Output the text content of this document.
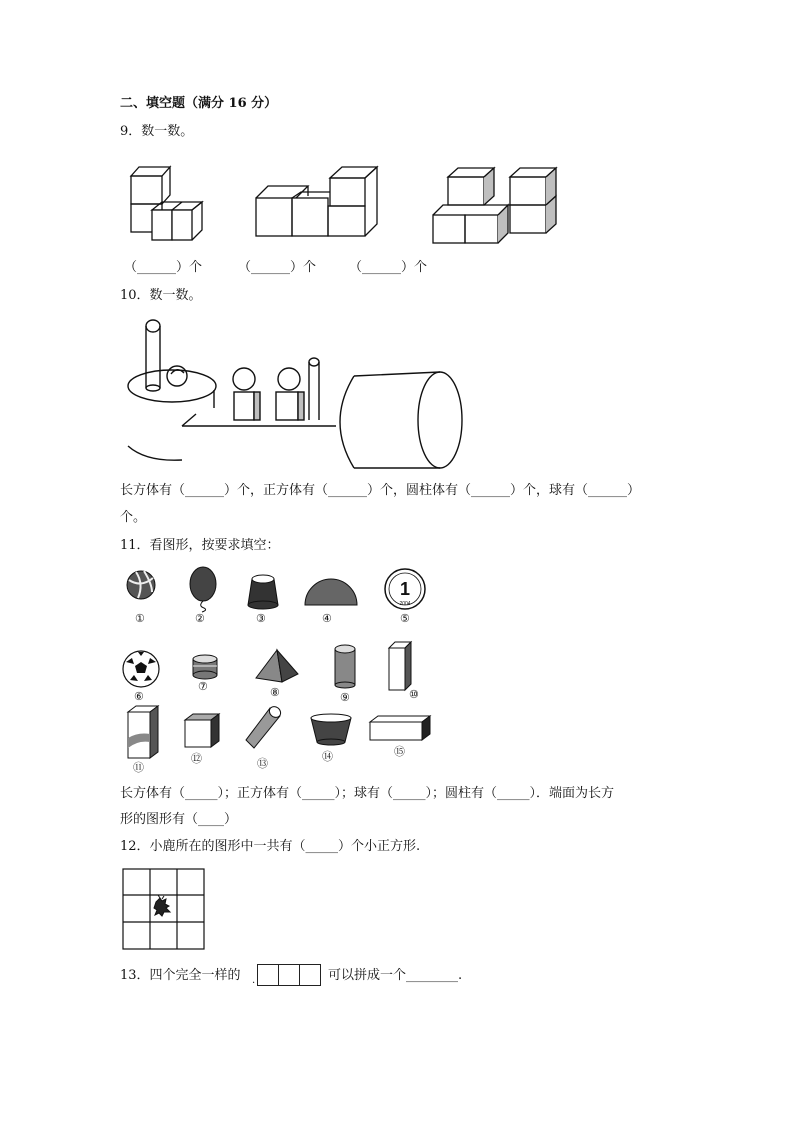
二、填空题（满分 16 分）
9．数一数。
（______）个	（______）个	（______）个
10．数一数。
长方体有（______）个，正方体有（______）个，圆柱体有（______）个，球有（______）
个。
11．看图形，按要求填空：
①	②	③	④
1
2004
⑤
⑥
⑦	⑧	⑨	⑩
⑪
⑫	⑬
⑭	⑮
长方体有（_____）；正方体有（_____）；球有（_____）；圆柱有（_____）．端面为长方
形的图形有（____）
12．小鹿所在的图形中一共有（_____）个小正方形.
13．四个完全一样的 .	可以拼成一个________.
